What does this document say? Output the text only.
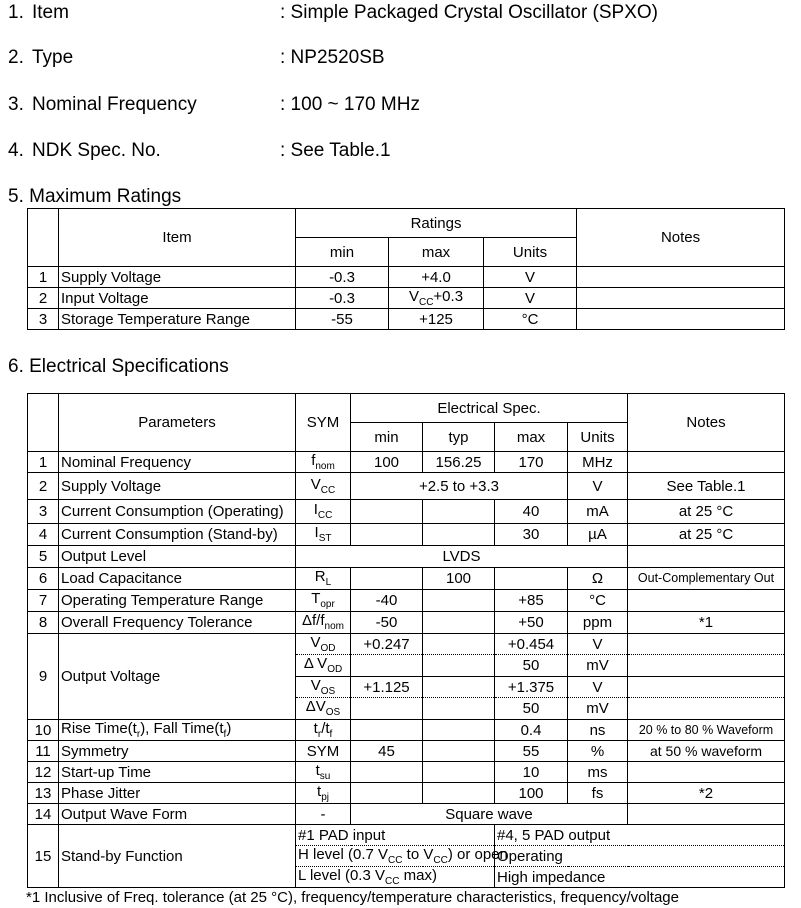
1. Item	: Simple Packaged Crystal Oscillator (SPXO)
2. Type	: NP2520SB
3. Nominal Frequency	: 100 ~ 170 MHz
4. NDK Spec. No.	: See Table.1
5. Maximum Ratings
	Item	Ratings			Notes
		min	max	Units	
1	Supply Voltage	-0.3	+4.0	V	
2	Input Voltage	-0.3	$V_{CC}+0.3$	V	
3	Storage Temperature Range	-55	+125	°C	
6. Electrical Specifications
	Parameters	SYM	Electrical Spec.				Notes
			min	typ	max	Units	
1	Nominal Frequency	$f_{nom}$	100	156.25	170	MHz	
2	Supply Voltage	$V_{CC}$	+2.5 to +3.3			V	See Table.1
3	Current Consumption (Operating)	$I_{CC}$			40	mA	at 25 °C
4	Current Consumption (Stand-by)	$I_{ST}$			30	µA	at 25 °C
5	Output Level	LVDS					
6	Load Capacitance	$R_L$		100		Ω	Out-Complementary Out
7	Operating Temperature Range	$T_{opr}$	-40		+85	°C	
8	Overall Frequency Tolerance	$\Delta f/f_{nom}$	-50		+50	ppm	*1
9	Output Voltage	$V_{OD}$	+0.247		+0.454	V	
		Δ $V_{OD}$			50	mV	
		$V_{OS}$	+1.125		+1.375	V	
		$\Delta V_{OS}$			50	mV	
10	Rise $Time(t_r)$, Fall $Time(t_f)$	$t_r/t_f$			0.4	ns	20 % to 80 % Waveform
11	Symmetry	SYM	45		55	%	at 50 % waveform
12	Start-up Time	$t_{su}$			10	ms	
13	Phase Jitter	$t_{pj}$			100	fs	*2
14	Output Wave Form	-	Square wave				
15	Stand-by Function	#1 PAD input			#4, 5 PAD output		
		H level (0.7 $V_{CC}$ to $V_{CC}$) or open			Operating		
		L level (0.3 $V_{CC}$ max)			High impedance		
*1 Inclusive of Freq. tolerance (at 25 °C), frequency/temperature characteristics, frequency/voltage
